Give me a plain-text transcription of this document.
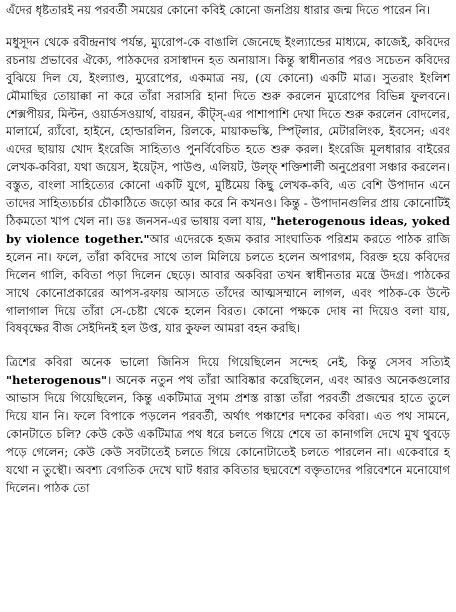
এঁদের ধৃষ্টতারই নয় পরবর্তী সময়ের কোনো কবিই কোনো জনপ্রিয় ধারার জন্ম দিতে পারেন নি।

মধুসূদন থেকে রবীন্দ্রনাথ পর্যন্ত, ম্যুরোপ-কে বাঙালি জেনেছে ইংল্যান্ডের মাধ্যমে, কাজেই, কবিদের রচনায় প্রভাবের ঐক্যে, পাঠকদের রসাস্বাদন হত অনায়াস। কিন্তু স্বাধীনতার পরও সচেতন কবিদের বুঝিয়ে দিল যে, ইংল্যাণ্ড, ম্যুরোপের, একমাত্র নয়, (যে কোনো) একটি মাত্র। সুতরাং ইংলিশ মৌমাছির তোয়াক্কা না করে তাঁরা সরাসরি হানা দিতে শুরু করলেন ম্যুরোপের বিভিন্ন ফুলবনে। শেক্সপীয়র, মিল্টন, ওয়ার্ডসওয়ার্থ, বায়রন, কীট্স্-এর পাশাপাশি দেখা দিতে শুরু করলেন বোদলের, মালার্মে, র‍্যাঁবো, হাইনে, হোল্ডারলিন, রিলকে, মায়াকভস্কি, স্পিট্লার, মেটারলিংক, ইবসেন; এবং এদের ছায়ায় খোদ ইংরেজি সাহিত্যও পুনর্বিবেচিত হতে শুরু করল। ইংরেজি মূলধারার বাইরের লেখক-কবিরা, যথা জয়েস, ইয়েট্স, পাউণ্ড, এলিয়ট, উল্ফ্ শক্তিশালী অনুপ্রেরণা সঞ্চার করলেন। বস্তুত, বাংলা সাহিত্যের কোনো একটি যুগে, মুষ্টিমেয় কিছু লেখক-কবি, এত বেশি উপাদান এনে তাদের সাহিত্যচর্চার চৌকাঠিতে জড়ো আর করে নি কখনও। কিন্তু - উপাদানগুলির প্রায় কোনোটিই ঠিকমতো খাপ খেল না। ডঃ জনসন-এর ভাষায় বলা যায়, "heterogenous ideas, yoked by violence together."আর এদেরকে হজম করার সাংঘাতিক পরিশ্রম করতে পাঠক রাজি হলেন না। ফলে, তাঁরা কবিদের সাথে তাল মিলিয়ে চলতে হলেন অপারগম, বিরক্ত হয়ে কবিদের দিলেন গালি, কবিতা পড়া দিলেন ছেড়ে। আবার অকবিরা তখন স্বাধীনতার মন্ত্রে উদগ্র। পাঠকের সাথে কোনোপ্রকারের আপস-রফায় আসতে তাঁদের আত্মসম্মানে লাগল, এবং পাঠক-কে উল্টে গালাগাল দিয়ে তাঁরা সে-চেষ্টা থেকে হলেন বিরত। কোনো পক্ষকে দোষ না দিয়েও বলা যায়, বিষবৃক্ষের বীজ সেইদিনই হল উপ্ত, যার কুফল আমরা বহন করছি।

ত্রিশের কবিরা অনেক ভালো জিনিস দিয়ে গিয়েছিলেন সন্দেহ নেই, কিন্তু সেসব সত্যিই "heterogenous"। অনেক নতুন পথ তাঁরা আবিষ্কার করেছিলেন, এবং আরও অনেকগুলোর আভাস দিয়ে গিয়েছিলেন, কিন্তু একটিমাত্র সুগম প্রশস্ত রাস্তা তাঁরা পরবর্তী প্রজন্মের হাতে তুলে দিয়ে যান নি। ফলে বিপাকে পড়লেন পরবর্তী, অর্থাৎ পঞ্চাশের দশকের কবিরা। এত পথ সামনে, কোনটাতে চলি? কেউ কেউ একটিমাত্র পথ ধরে চলতে গিয়ে শেষে তা কানাগলি দেখে মুখ থুবড়ে পড়ে গেলেন; কেউ কেউ সবটাতেই চলতে গিয়ে কোনোটাতেই চলতে পারলেন না। একেবারে হ যথো ন তুস্থৌ। অবশ্য বেগতিক দেখে ঘাট ধরার কবিতার ছদ্মবেশে বক্তৃতাদের পরিবেশনে মনোযোগ দিলেন। পাঠক তো
